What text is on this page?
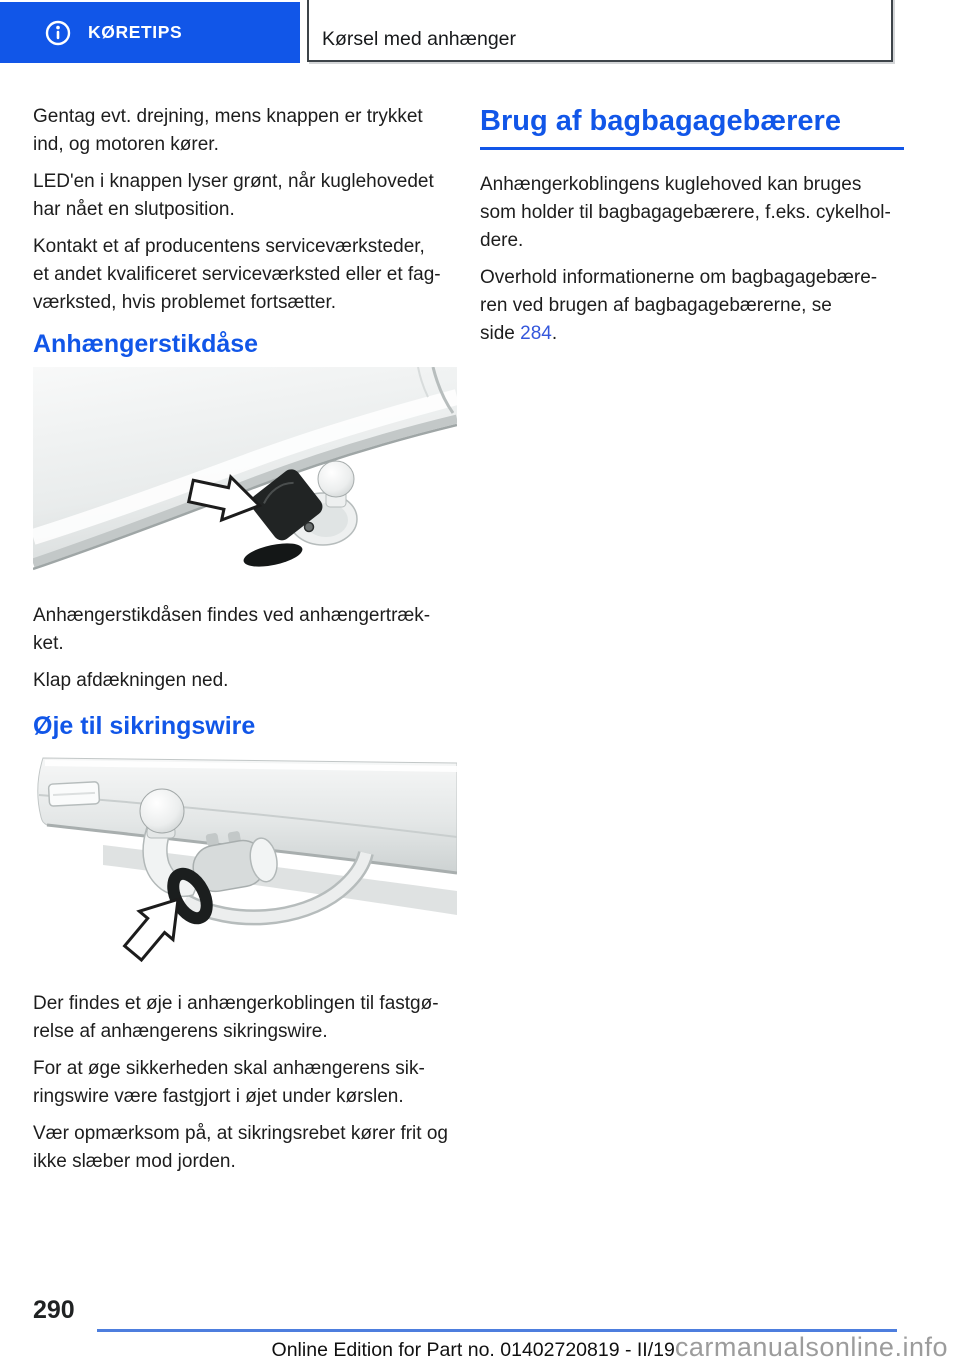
KØRETIPS	Kørsel med anhænger

Gentag evt. drejning, mens knappen er trykket
ind, og motoren kører.

LED'en i knappen lyser grønt, når kuglehovedet
har nået en slutposition.

Kontakt et af producentens serviceværksteder,
et andet kvalificeret serviceværksted eller et fag-
værksted, hvis problemet fortsætter.

Anhængerstikdåse

Anhængerstikdåsen findes ved anhængertræk-
ket.

Klap afdækningen ned.

Øje til sikringswire

Der findes et øje i anhængerkoblingen til fastgø-
relse af anhængerens sikringswire.

For at øge sikkerheden skal anhængerens sik-
ringswire være fastgjort i øjet under kørslen.

Vær opmærksom på, at sikringsrebet kører frit og
ikke slæber mod jorden.

Brug af bagbagagebærere

Anhængerkoblingens kuglehoved kan bruges
som holder til bagbagagebærere, f.eks. cykelhol-
dere.

Overhold informationerne om bagbagagebære-
ren ved brugen af bagbagagebærerne, se
side 284.

290
Online Edition for Part no. 01402720819 - II/19carmanualsonline.info
